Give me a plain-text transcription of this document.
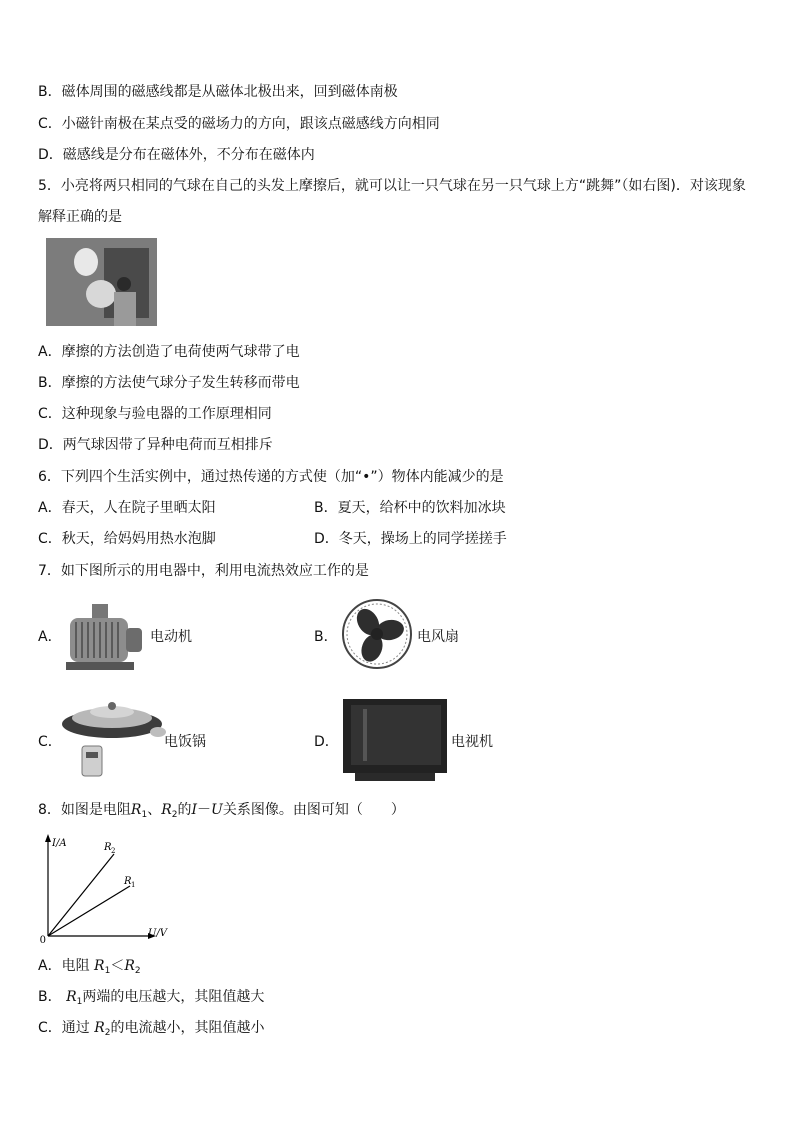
B．磁体周围的磁感线都是从磁体北极出来，回到磁体南极
C．小磁针南极在某点受的磁场力的方向，跟该点磁感线方向相同
D．磁感线是分布在磁体外，不分布在磁体内
5．小亮将两只相同的气球在自己的头发上摩擦后，就可以让一只气球在另一只气球上方“跳舞”（如右图)．对该现象
解释正确的是
A．摩擦的方法创造了电荷使两气球带了电
B．摩擦的方法使气球分子发生转移而带电
C．这种现象与验电器的工作原理相同
D．两气球因带了异种电荷而互相排斥
6．下列四个生活实例中，通过热传递的方式使（加“•”）物体内能减少的是
A．春天，人在院子里晒太阳	B．夏天，给杯中的饮料加冰块
C．秋天，给妈妈用热水泡脚	D．冬天，操场上的同学搓搓手
7．如下图所示的用电器中，利用电流热效应工作的是
A．	电动机	B．	电风扇
C．	电饭锅	D．	电视机
8．如图是电阻$R_1$、$R_2$的I－U关系图像。由图可知（　　）
I/A
U/V
0
R 2
R 1
A．电阻 $R_1<R_2$
B． $R_1$两端的电压越大，其阻值越大
C．通过 $R_2$的电流越小，其阻值越小
